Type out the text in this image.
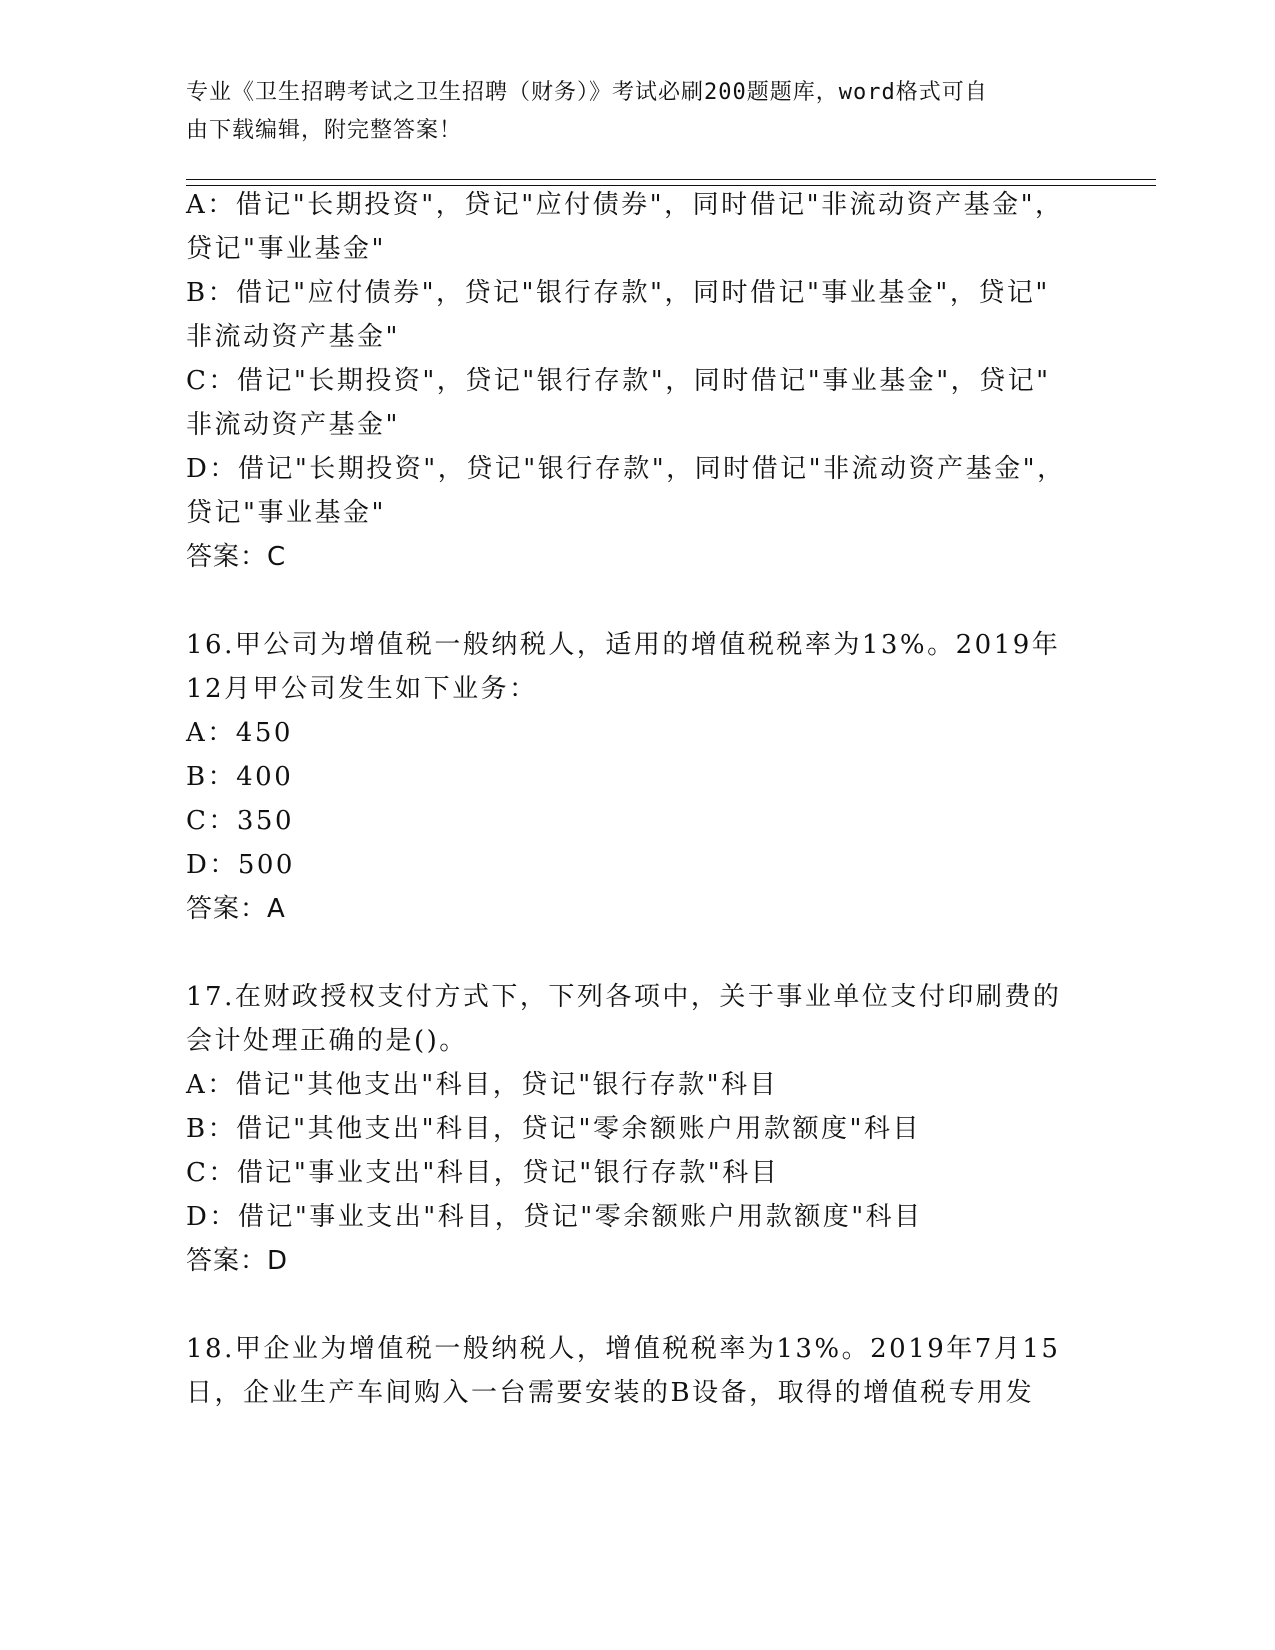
专业《卫生招聘考试之卫生招聘（财务）》考试必刷200题题库，word格式可自
由下载编辑，附完整答案！
A：借记"长期投资"，贷记"应付债券"，同时借记"非流动资产基金"，
贷记"事业基金"
B：借记"应付债券"，贷记"银行存款"，同时借记"事业基金"，贷记"
非流动资产基金"
C：借记"长期投资"，贷记"银行存款"，同时借记"事业基金"，贷记"
非流动资产基金"
D：借记"长期投资"，贷记"银行存款"，同时借记"非流动资产基金"，
贷记"事业基金"
答案：C
16.甲公司为增值税一般纳税人，适用的增值税税率为13%。2019年
12月甲公司发生如下业务：
A：450
B：400
C：350
D：500
答案：A
17.在财政授权支付方式下，下列各项中，关于事业单位支付印刷费的
会计处理正确的是()。
A：借记"其他支出"科目，贷记"银行存款"科目
B：借记"其他支出"科目，贷记"零余额账户用款额度"科目
C：借记"事业支出"科目，贷记"银行存款"科目
D：借记"事业支出"科目，贷记"零余额账户用款额度"科目
答案：D
18.甲企业为增值税一般纳税人，增值税税率为13%。2019年7月15
日，企业生产车间购入一台需要安装的B设备，取得的增值税专用发
